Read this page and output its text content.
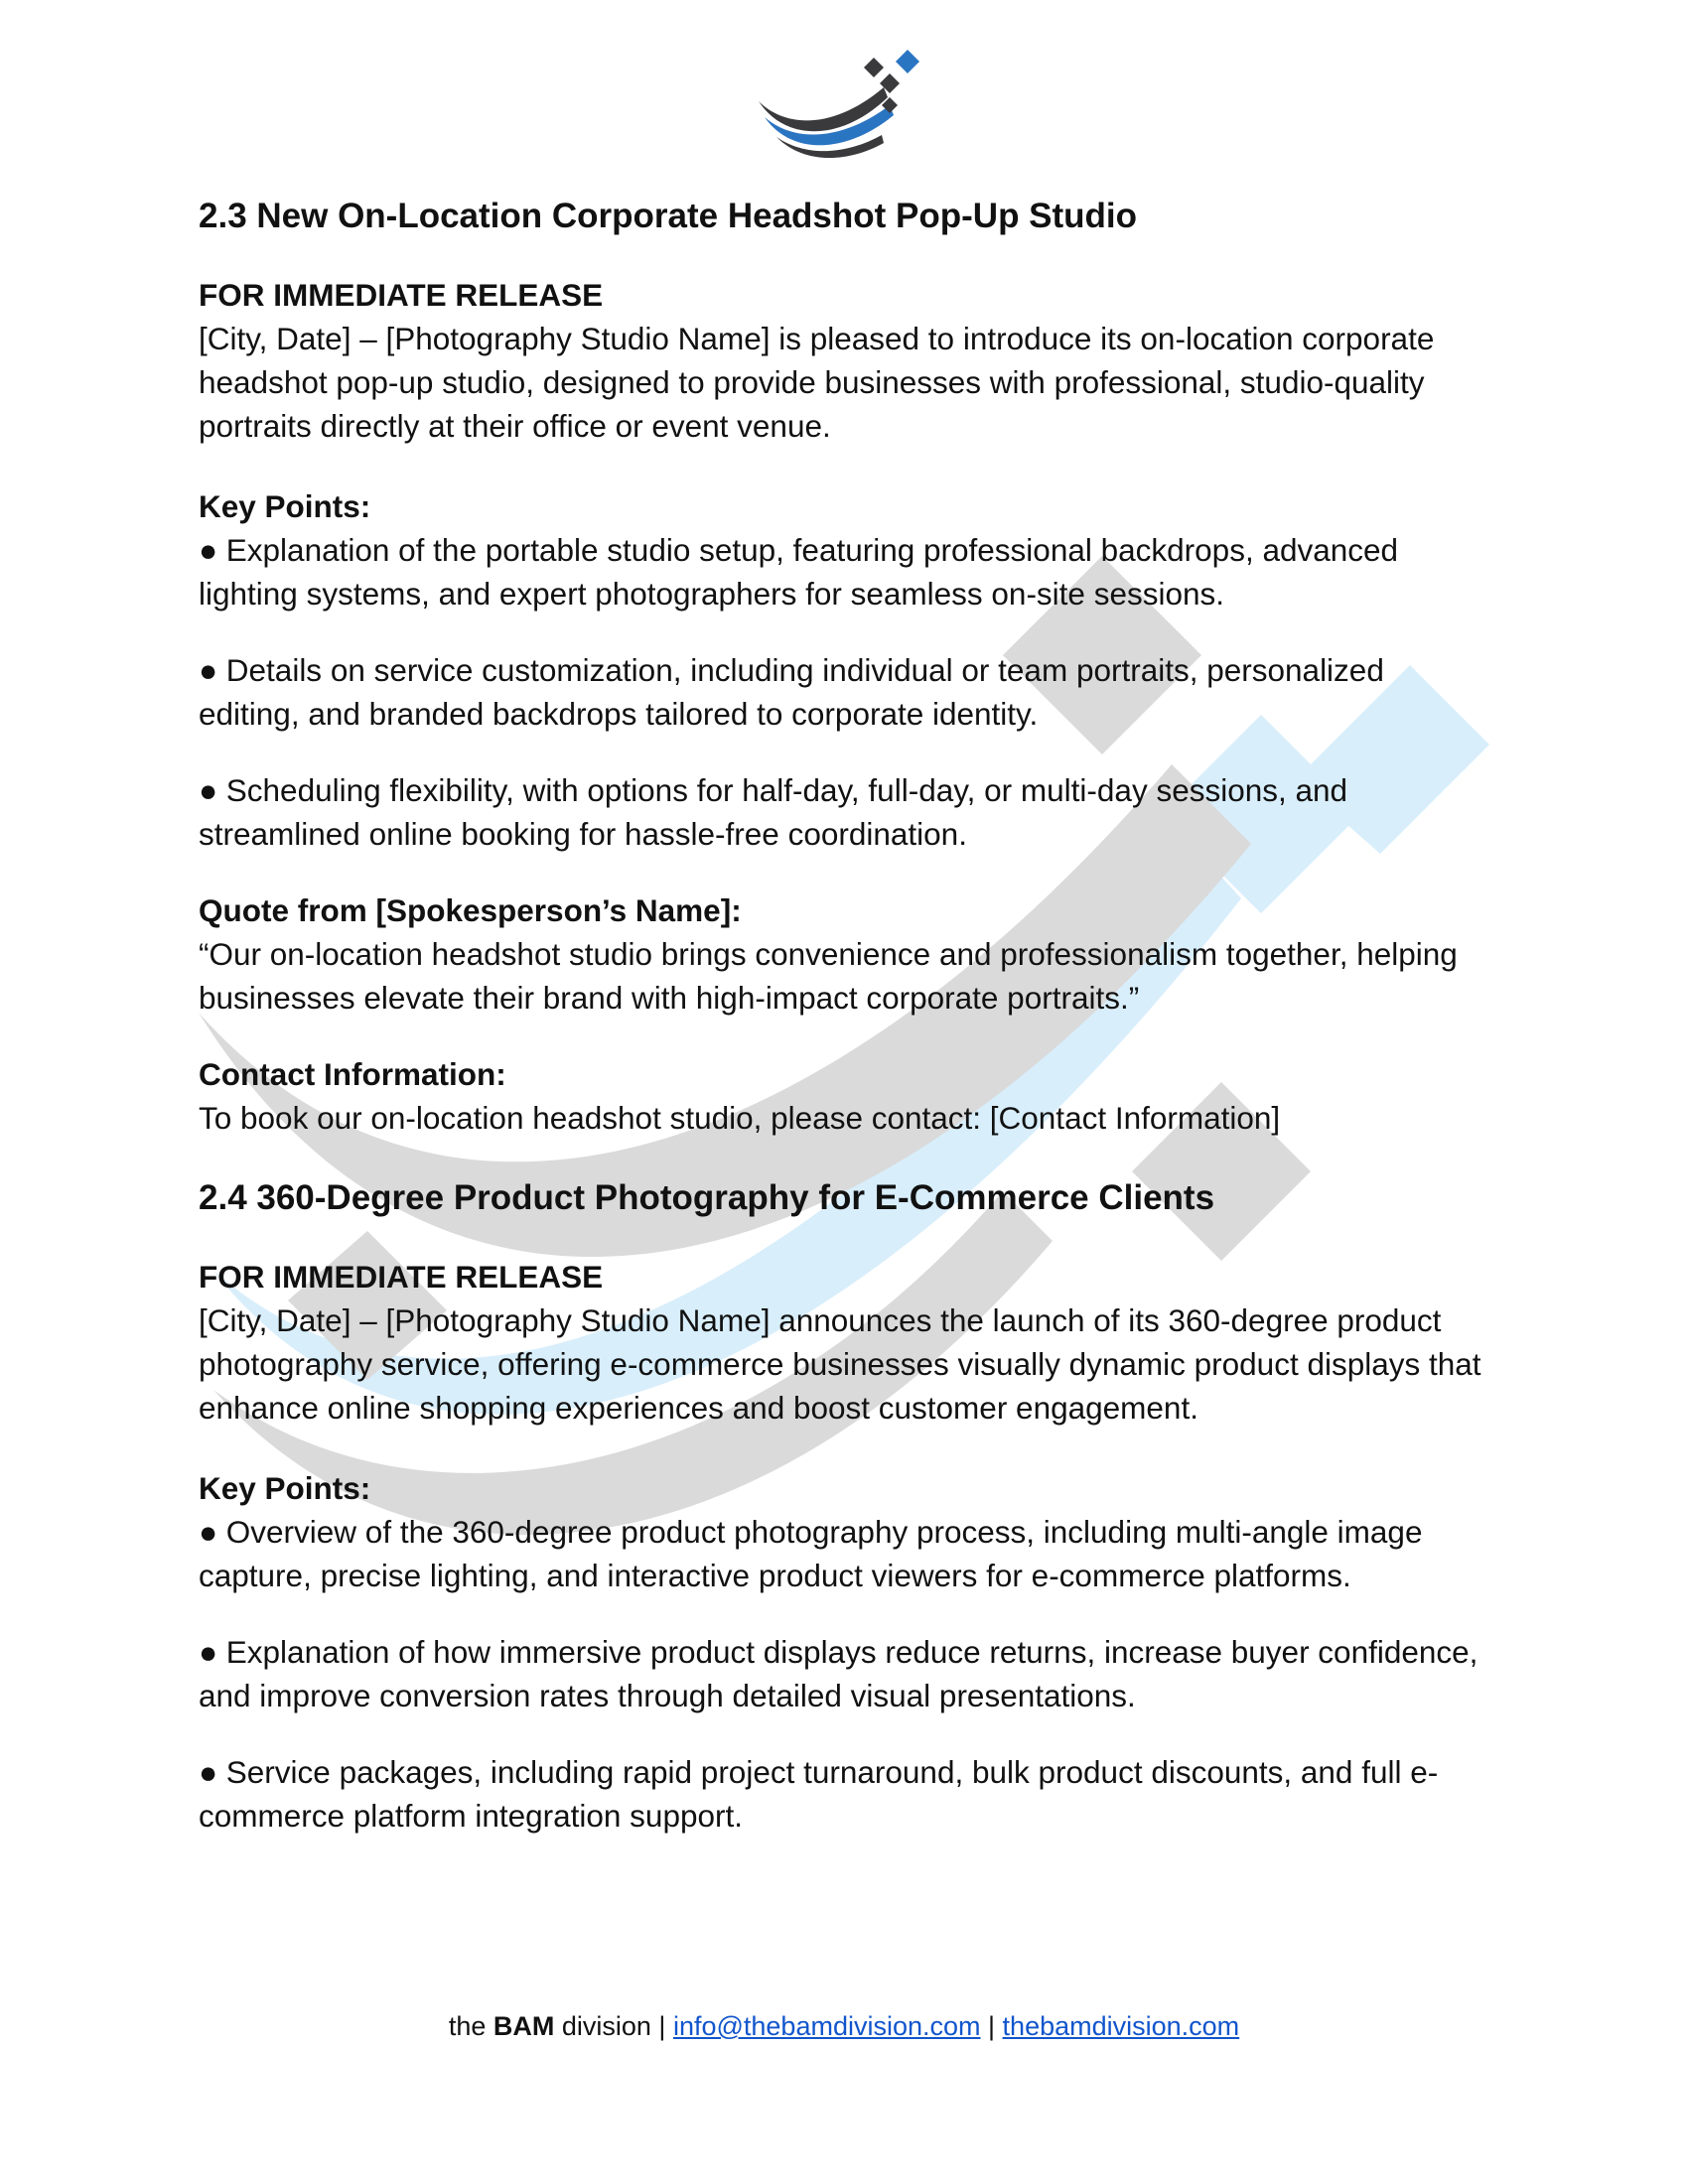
2.3 New On-Location Corporate Headshot Pop-Up Studio
FOR IMMEDIATE RELEASE

[City, Date] – [Photography Studio Name] is pleased to introduce its on-location corporate headshot pop-up studio, designed to provide businesses with professional, studio-quality portraits directly at their office or event venue.

Key Points:

● Explanation of the portable studio setup, featuring professional backdrops, advanced lighting systems, and expert photographers for seamless on-site sessions.

● Details on service customization, including individual or team portraits, personalized editing, and branded backdrops tailored to corporate identity.

● Scheduling flexibility, with options for half-day, full-day, or multi-day sessions, and streamlined online booking for hassle-free coordination.

Quote from [Spokesperson’s Name]:

“Our on-location headshot studio brings convenience and professionalism together, helping businesses elevate their brand with high-impact corporate portraits.”

Contact Information:

To book our on-location headshot studio, please contact: [Contact Information]

2.4 360-Degree Product Photography for E-Commerce Clients
FOR IMMEDIATE RELEASE

[City, Date] – [Photography Studio Name] announces the launch of its 360-degree product photography service, offering e-commerce businesses visually dynamic product displays that enhance online shopping experiences and boost customer engagement.

Key Points:

● Overview of the 360-degree product photography process, including multi-angle image capture, precise lighting, and interactive product viewers for e-commerce platforms.

● Explanation of how immersive product displays reduce returns, increase buyer confidence, and improve conversion rates through detailed visual presentations.

● Service packages, including rapid project turnaround, bulk product discounts, and full e-commerce platform integration support.

the BAM division | info@thebamdivision.com | thebamdivision.com
